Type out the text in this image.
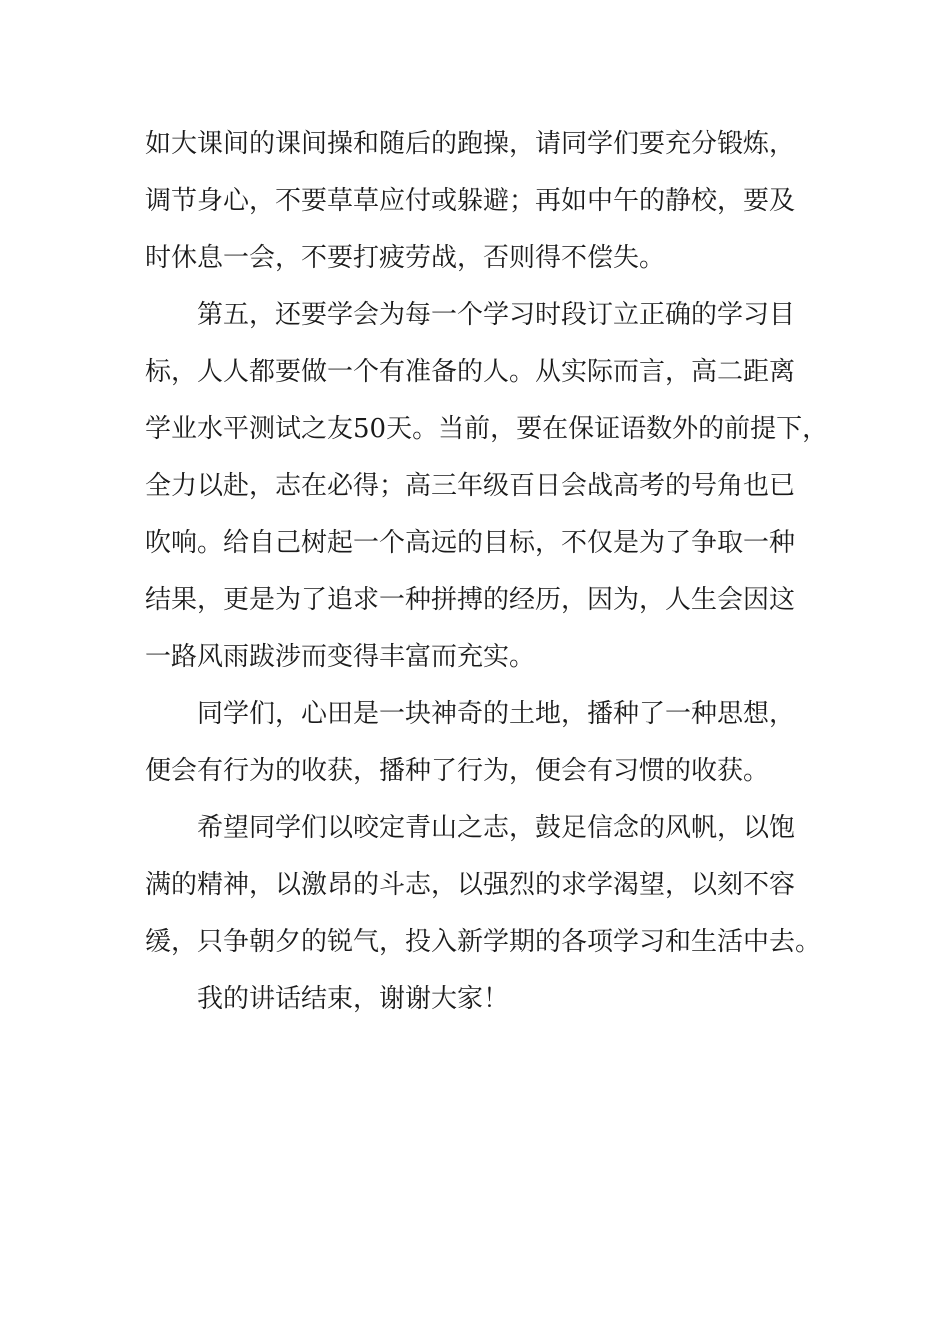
如大课间的课间操和随后的跑操，请同学们要充分锻炼，
调节身心，不要草草应付或躲避；再如中午的静校，要及
时休息一会，不要打疲劳战，否则得不偿失。
第五，还要学会为每一个学习时段订立正确的学习目
标，人人都要做一个有准备的人。从实际而言，高二距离
学业水平测试之友50天。当前，要在保证语数外的前提下，
全力以赴，志在必得；高三年级百日会战高考的号角也已
吹响。给自己树起一个高远的目标，不仅是为了争取一种
结果，更是为了追求一种拼搏的经历，因为，人生会因这
一路风雨跋涉而变得丰富而充实。
同学们，心田是一块神奇的土地，播种了一种思想，
便会有行为的收获，播种了行为，便会有习惯的收获。
希望同学们以咬定青山之志，鼓足信念的风帆，以饱
满的精神，以激昂的斗志，以强烈的求学渴望，以刻不容
缓，只争朝夕的锐气，投入新学期的各项学习和生活中去。
我的讲话结束，谢谢大家！
